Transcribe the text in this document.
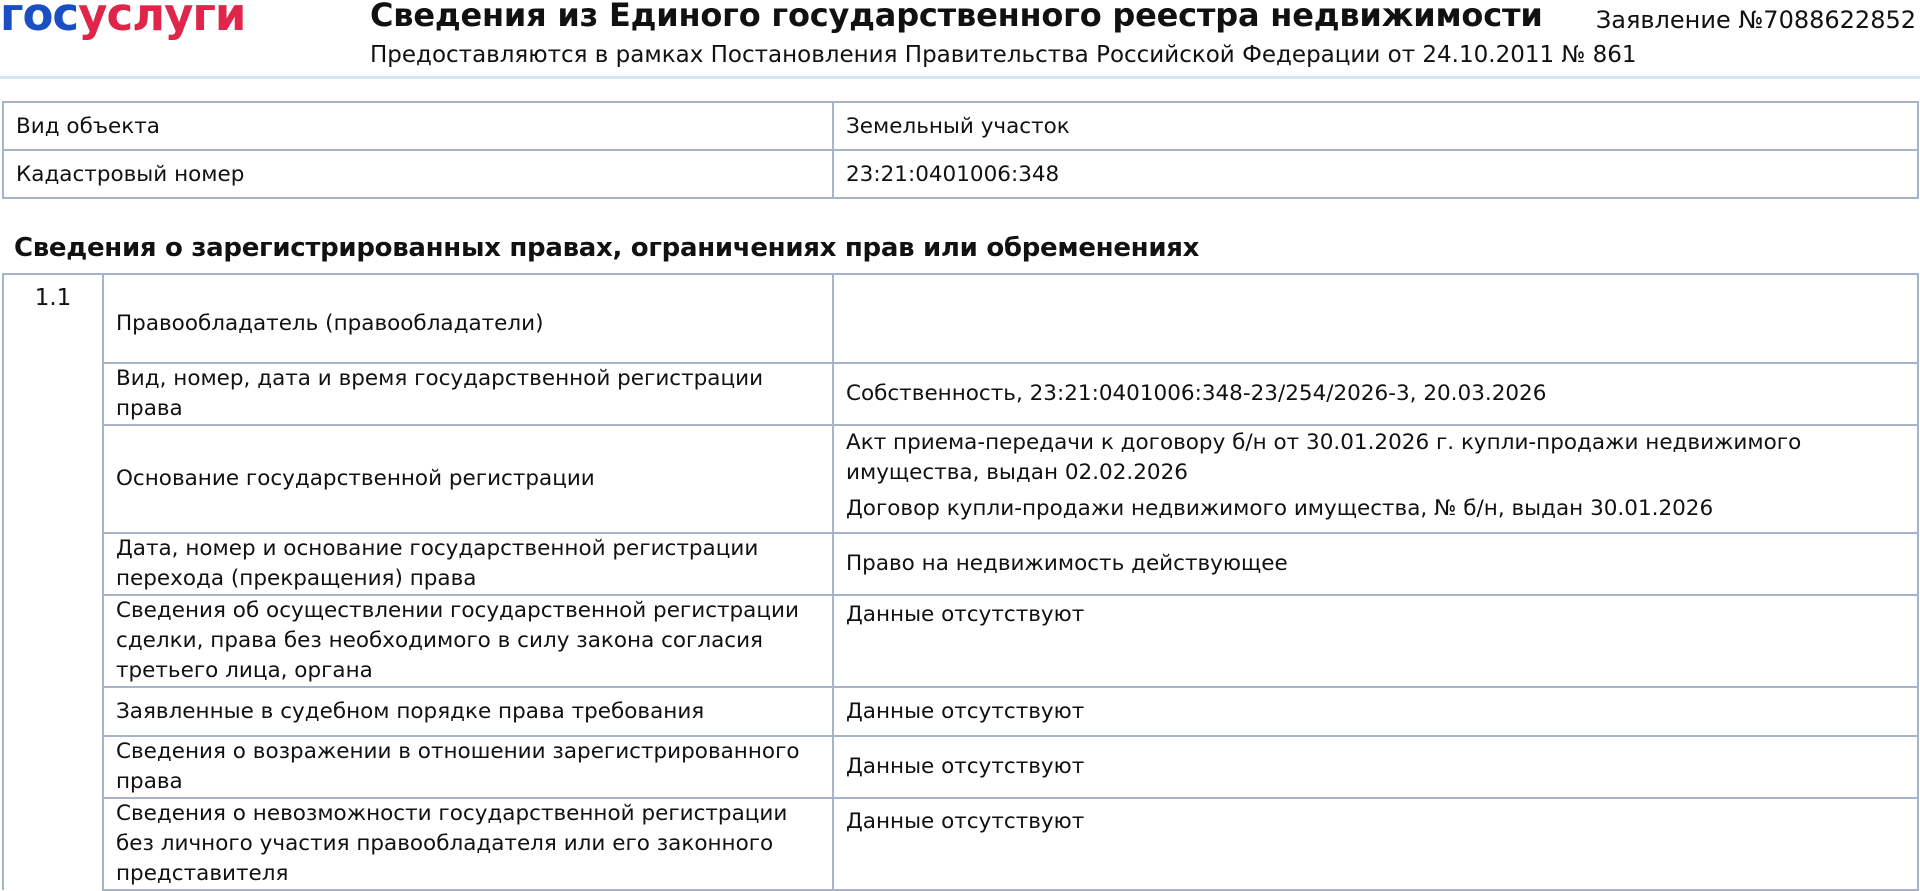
госуслуги	Сведения из Единого государственного реестра недвижимости
Предоставляются в рамках Постановления Правительства Российской Федерации от 24.10.2011 № 861
Заявление №7088622852
Вид объекта	Земельный участок
Кадастровый номер	23:21:0401006:348
Сведения о зарегистрированных правах, ограничениях прав или обременениях
1.1	Правообладатель (правообладатели)	
	Вид, номер, дата и время государственной регистрации права	Собственность, 23:21:0401006:348-23/254/2026-3, 20.03.2026
	Основание государственной регистрации	Акт приема-передачи к договору б/н от 30.01.2026 г. купли-продажи недвижимого имущества, выдан 02.02.2026

Договор купли-продажи недвижимого имущества, № б/н, выдан 30.01.2026

	Дата, номер и основание государственной регистрации перехода (прекращения) права	Право на недвижимость действующее
	Сведения об осуществлении государственной регистрации сделки, права без необходимого в силу закона согласия третьего лица, органа	Данные отсутствуют
	Заявленные в судебном порядке права требования	Данные отсутствуют
	Сведения о возражении в отношении зарегистрированного права	Данные отсутствуют
	Сведения о невозможности государственной регистрации без личного участия правообладателя или его законного представителя	Данные отсутствуют
